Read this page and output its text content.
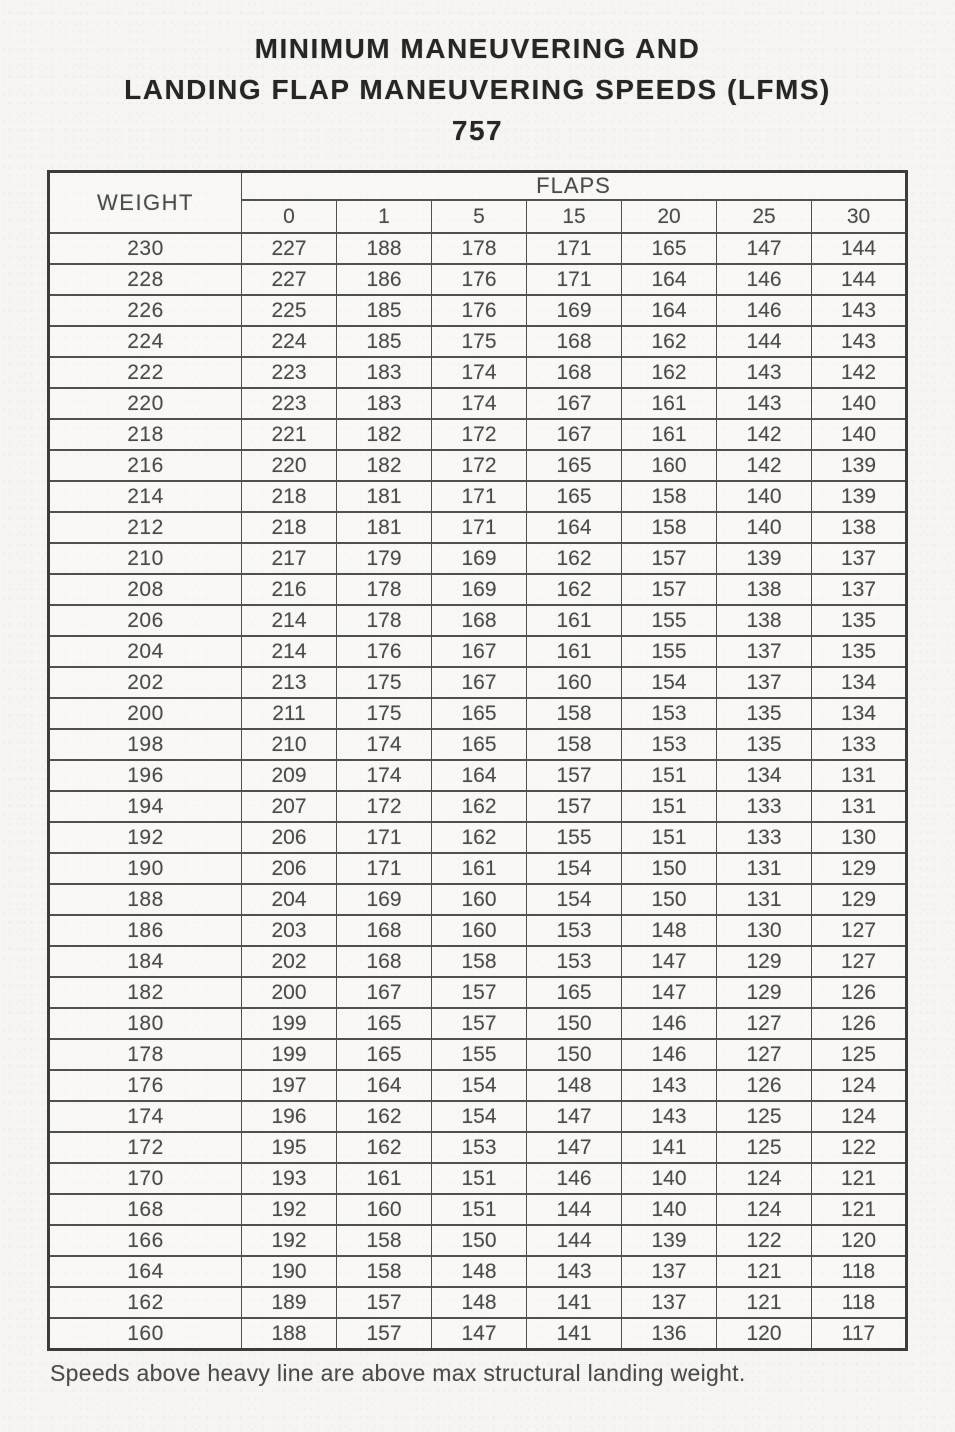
MINIMUM MANEUVERING AND
LANDING FLAP MANEUVERING SPEEDS (LFMS)
757
WEIGHT	FLAPS						
	0	1	5	15	20	25	30
230	227	188	178	171	165	147	144
228	227	186	176	171	164	146	144
226	225	185	176	169	164	146	143
224	224	185	175	168	162	144	143
222	223	183	174	168	162	143	142
220	223	183	174	167	161	143	140
218	221	182	172	167	161	142	140
216	220	182	172	165	160	142	139
214	218	181	171	165	158	140	139
212	218	181	171	164	158	140	138
210	217	179	169	162	157	139	137
208	216	178	169	162	157	138	137
206	214	178	168	161	155	138	135
204	214	176	167	161	155	137	135
202	213	175	167	160	154	137	134
200	211	175	165	158	153	135	134
198	210	174	165	158	153	135	133
196	209	174	164	157	151	134	131
194	207	172	162	157	151	133	131
192	206	171	162	155	151	133	130
190	206	171	161	154	150	131	129
188	204	169	160	154	150	131	129
186	203	168	160	153	148	130	127
184	202	168	158	153	147	129	127
182	200	167	157	165	147	129	126
180	199	165	157	150	146	127	126
178	199	165	155	150	146	127	125
176	197	164	154	148	143	126	124
174	196	162	154	147	143	125	124
172	195	162	153	147	141	125	122
170	193	161	151	146	140	124	121
168	192	160	151	144	140	124	121
166	192	158	150	144	139	122	120
164	190	158	148	143	137	121	118
162	189	157	148	141	137	121	118
160	188	157	147	141	136	120	117
Speeds above heavy line are above max structural landing weight.
